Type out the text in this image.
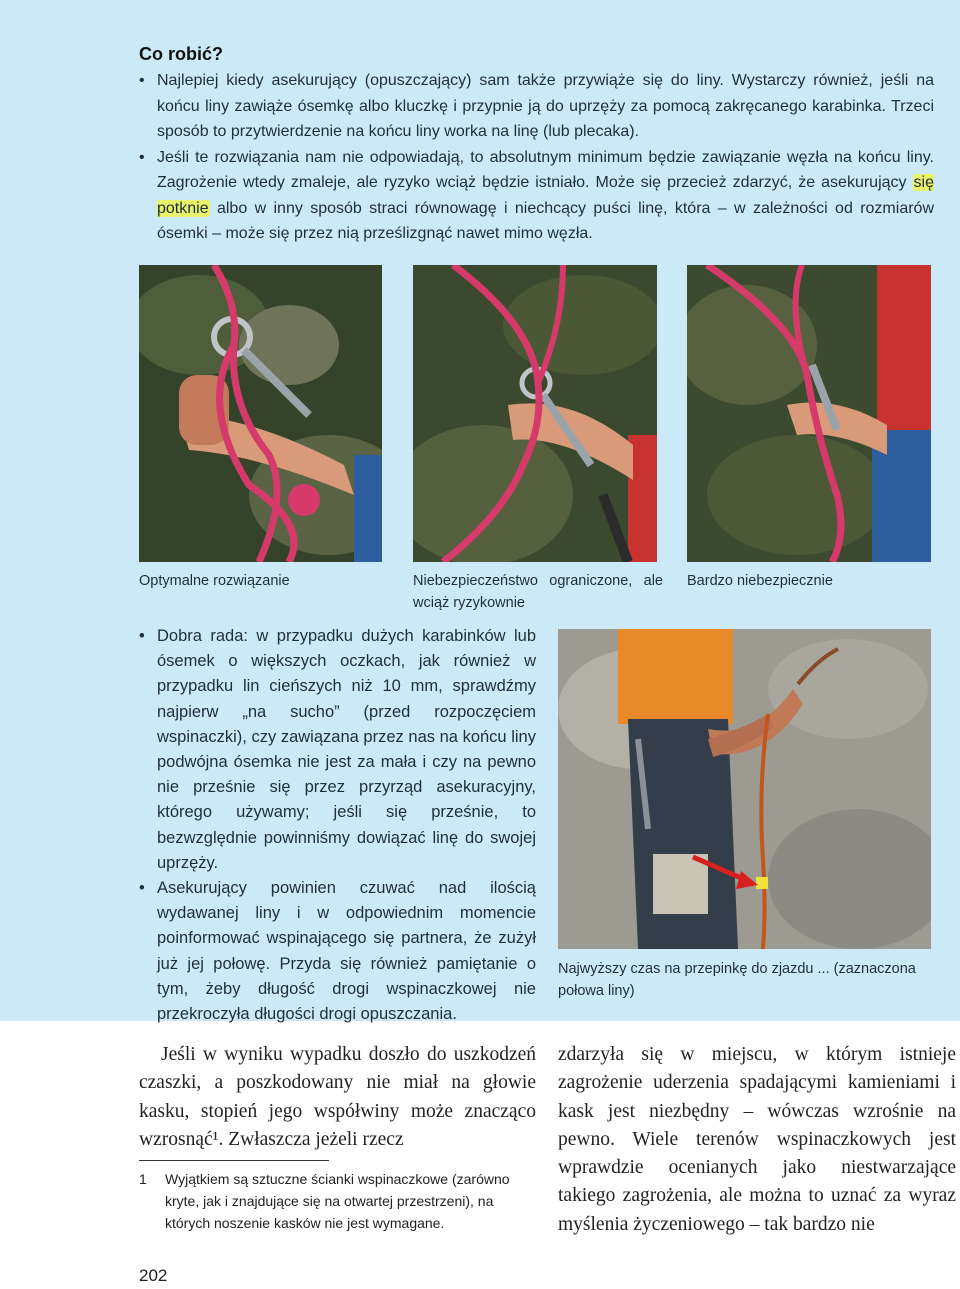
Co robić?

• Najlepiej kiedy asekurujący (opuszczający) sam także przywiąże się do liny. Wystarczy również, jeśli na końcu liny zawiąże ósemkę albo kluczkę i przypnie ją do uprzęży za pomocą zakręcanego karabinka. Trzeci sposób to przytwierdzenie na końcu liny worka na linę (lub plecaka).

• Jeśli te rozwiązania nam nie odpowiadają, to absolutnym minimum będzie zawiązanie węzła na końcu liny. Zagrożenie wtedy zmaleje, ale ryzyko wciąż będzie istniało. Może się przecież zdarzyć, że asekurujący się potknie albo w inny sposób straci równowagę i niechcący puści linę, która – w zależności od rozmiarów ósemki – może się przez nią prześlizgnąć nawet mimo węzła.

Optymalne rozwiązanie	Niebezpieczeństwo ograniczone, ale wciąż ryzykownie

Bardzo niebezpiecznie

• Dobra rada: w przypadku dużych karabinków lub ósemek o większych oczkach, jak również w przypadku lin cieńszych niż 10 mm, sprawdźmy najpierw „na sucho” (przed rozpoczęciem wspinaczki), czy zawiązana przez nas na końcu liny podwójna ósemka nie jest za mała i czy na pewno nie prześnie się przez przyrząd asekuracyjny, którego używamy; jeśli się prześnie, to bezwzględnie powinniśmy dowiązać linę do swojej uprzęży.

• Asekurujący powinien czuwać nad ilością wydawanej liny i w odpowiednim momencie poinformować wspinającego się partnera, że zużył już jej połowę. Przyda się również pamiętanie o tym, żeby długość drogi wspinaczkowej nie przekroczyła długości drogi opuszczania.

Najwyższy czas na przepinkę do zjazdu ... (zaznaczona połowa liny)

Jeśli w wyniku wypadku doszło do uszkodzeń czaszki, a poszkodowany nie miał na głowie kasku, stopień jego współwiny może znacząco wzrosnąć¹. Zwłaszcza jeżeli rzecz

zdarzyła się w miejscu, w którym istnieje zagrożenie uderzenia spadającymi kamieniami i kask jest niezbędny – wówczas wzrośnie na pewno. Wiele terenów wspinaczkowych jest wprawdzie ocenianych jako niestwarzające takiego zagrożenia, ale można to uznać za wyraz myślenia życzeniowego – tak bardzo nie

1	Wyjątkiem są sztuczne ścianki wspinaczkowe (zarówno kryte, jak i znajdujące się na otwartej przestrzeni), na których noszenie kasków nie jest wymagane.

202
